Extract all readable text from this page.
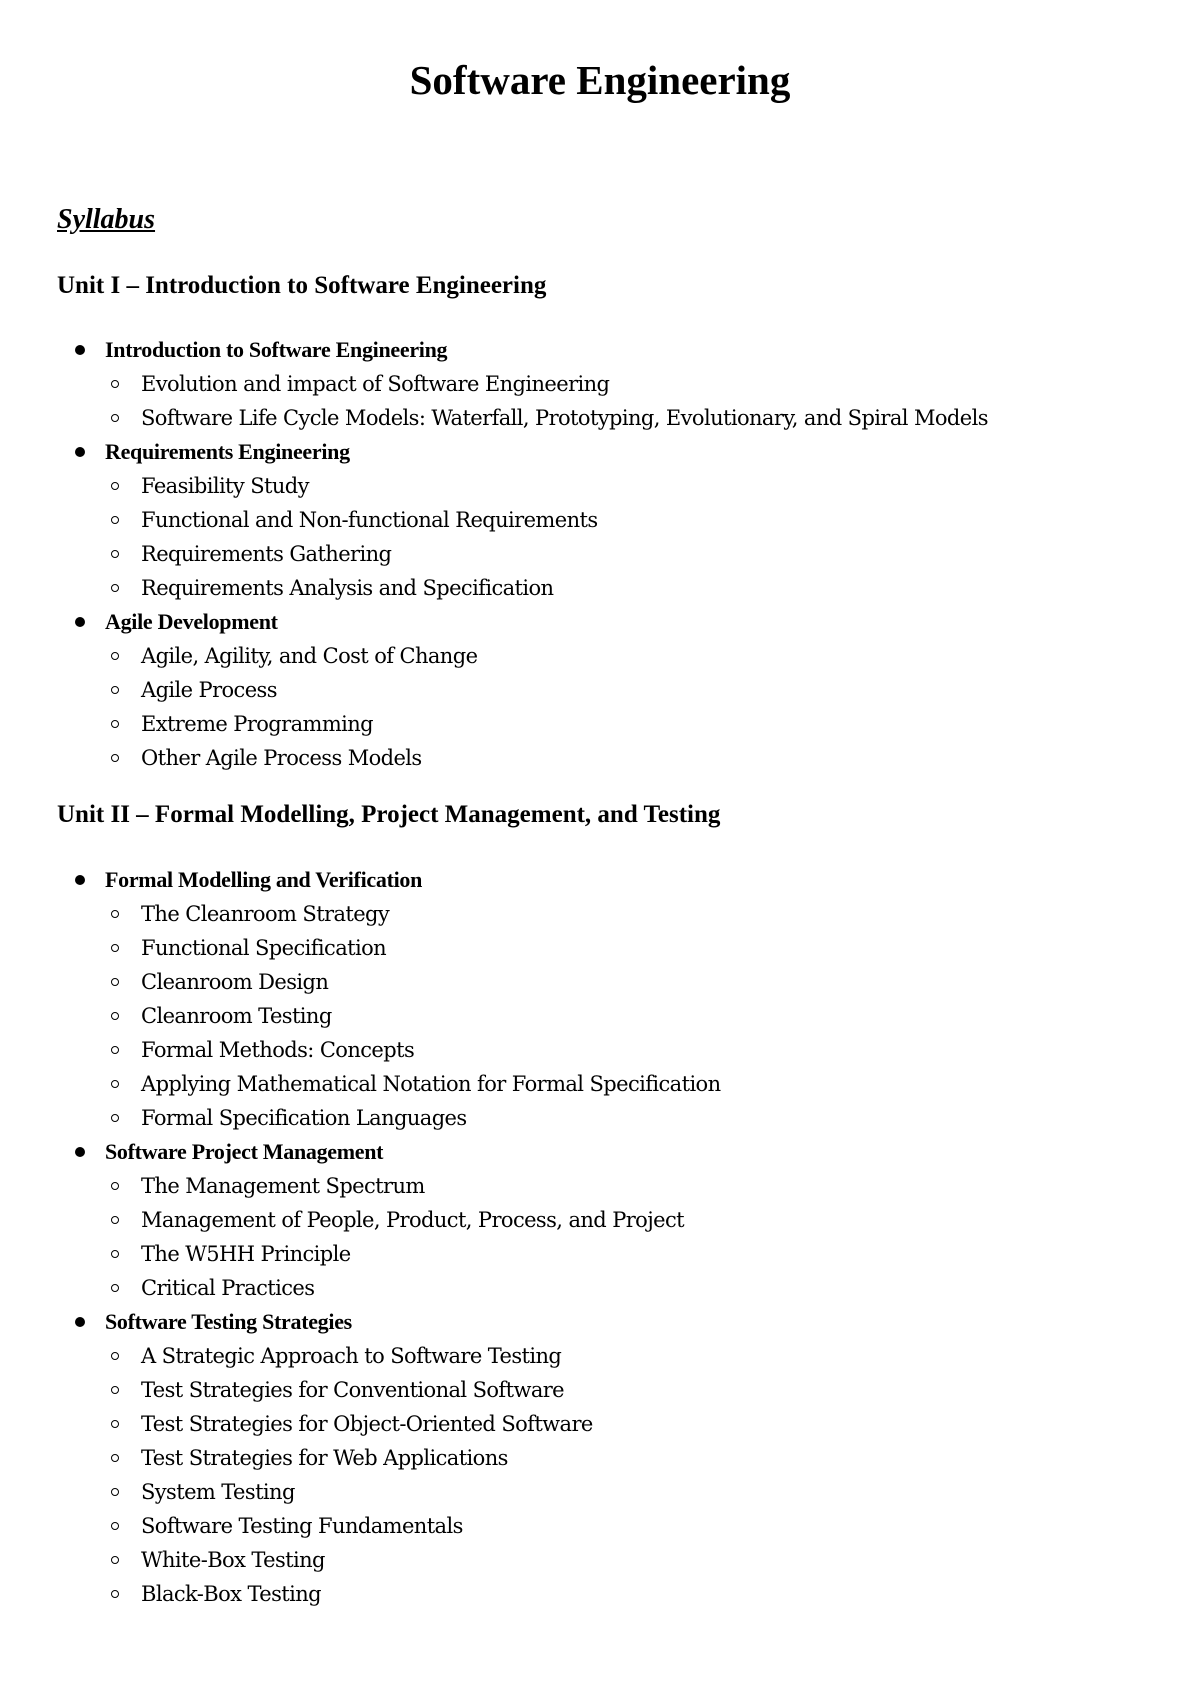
Software Engineering
Syllabus
Unit I – Introduction to Software Engineering
Introduction to Software Engineering
Evolution and impact of Software Engineering
Software Life Cycle Models: Waterfall, Prototyping, Evolutionary, and Spiral Models
Requirements Engineering
Feasibility Study
Functional and Non-functional Requirements
Requirements Gathering
Requirements Analysis and Specification
Agile Development
Agile, Agility, and Cost of Change
Agile Process
Extreme Programming
Other Agile Process Models
Unit II – Formal Modelling, Project Management, and Testing
Formal Modelling and Verification
The Cleanroom Strategy
Functional Specification
Cleanroom Design
Cleanroom Testing
Formal Methods: Concepts
Applying Mathematical Notation for Formal Specification
Formal Specification Languages
Software Project Management
The Management Spectrum
Management of People, Product, Process, and Project
The W5HH Principle
Critical Practices
Software Testing Strategies
A Strategic Approach to Software Testing
Test Strategies for Conventional Software
Test Strategies for Object-Oriented Software
Test Strategies for Web Applications
System Testing
Software Testing Fundamentals
White-Box Testing
Black-Box Testing
